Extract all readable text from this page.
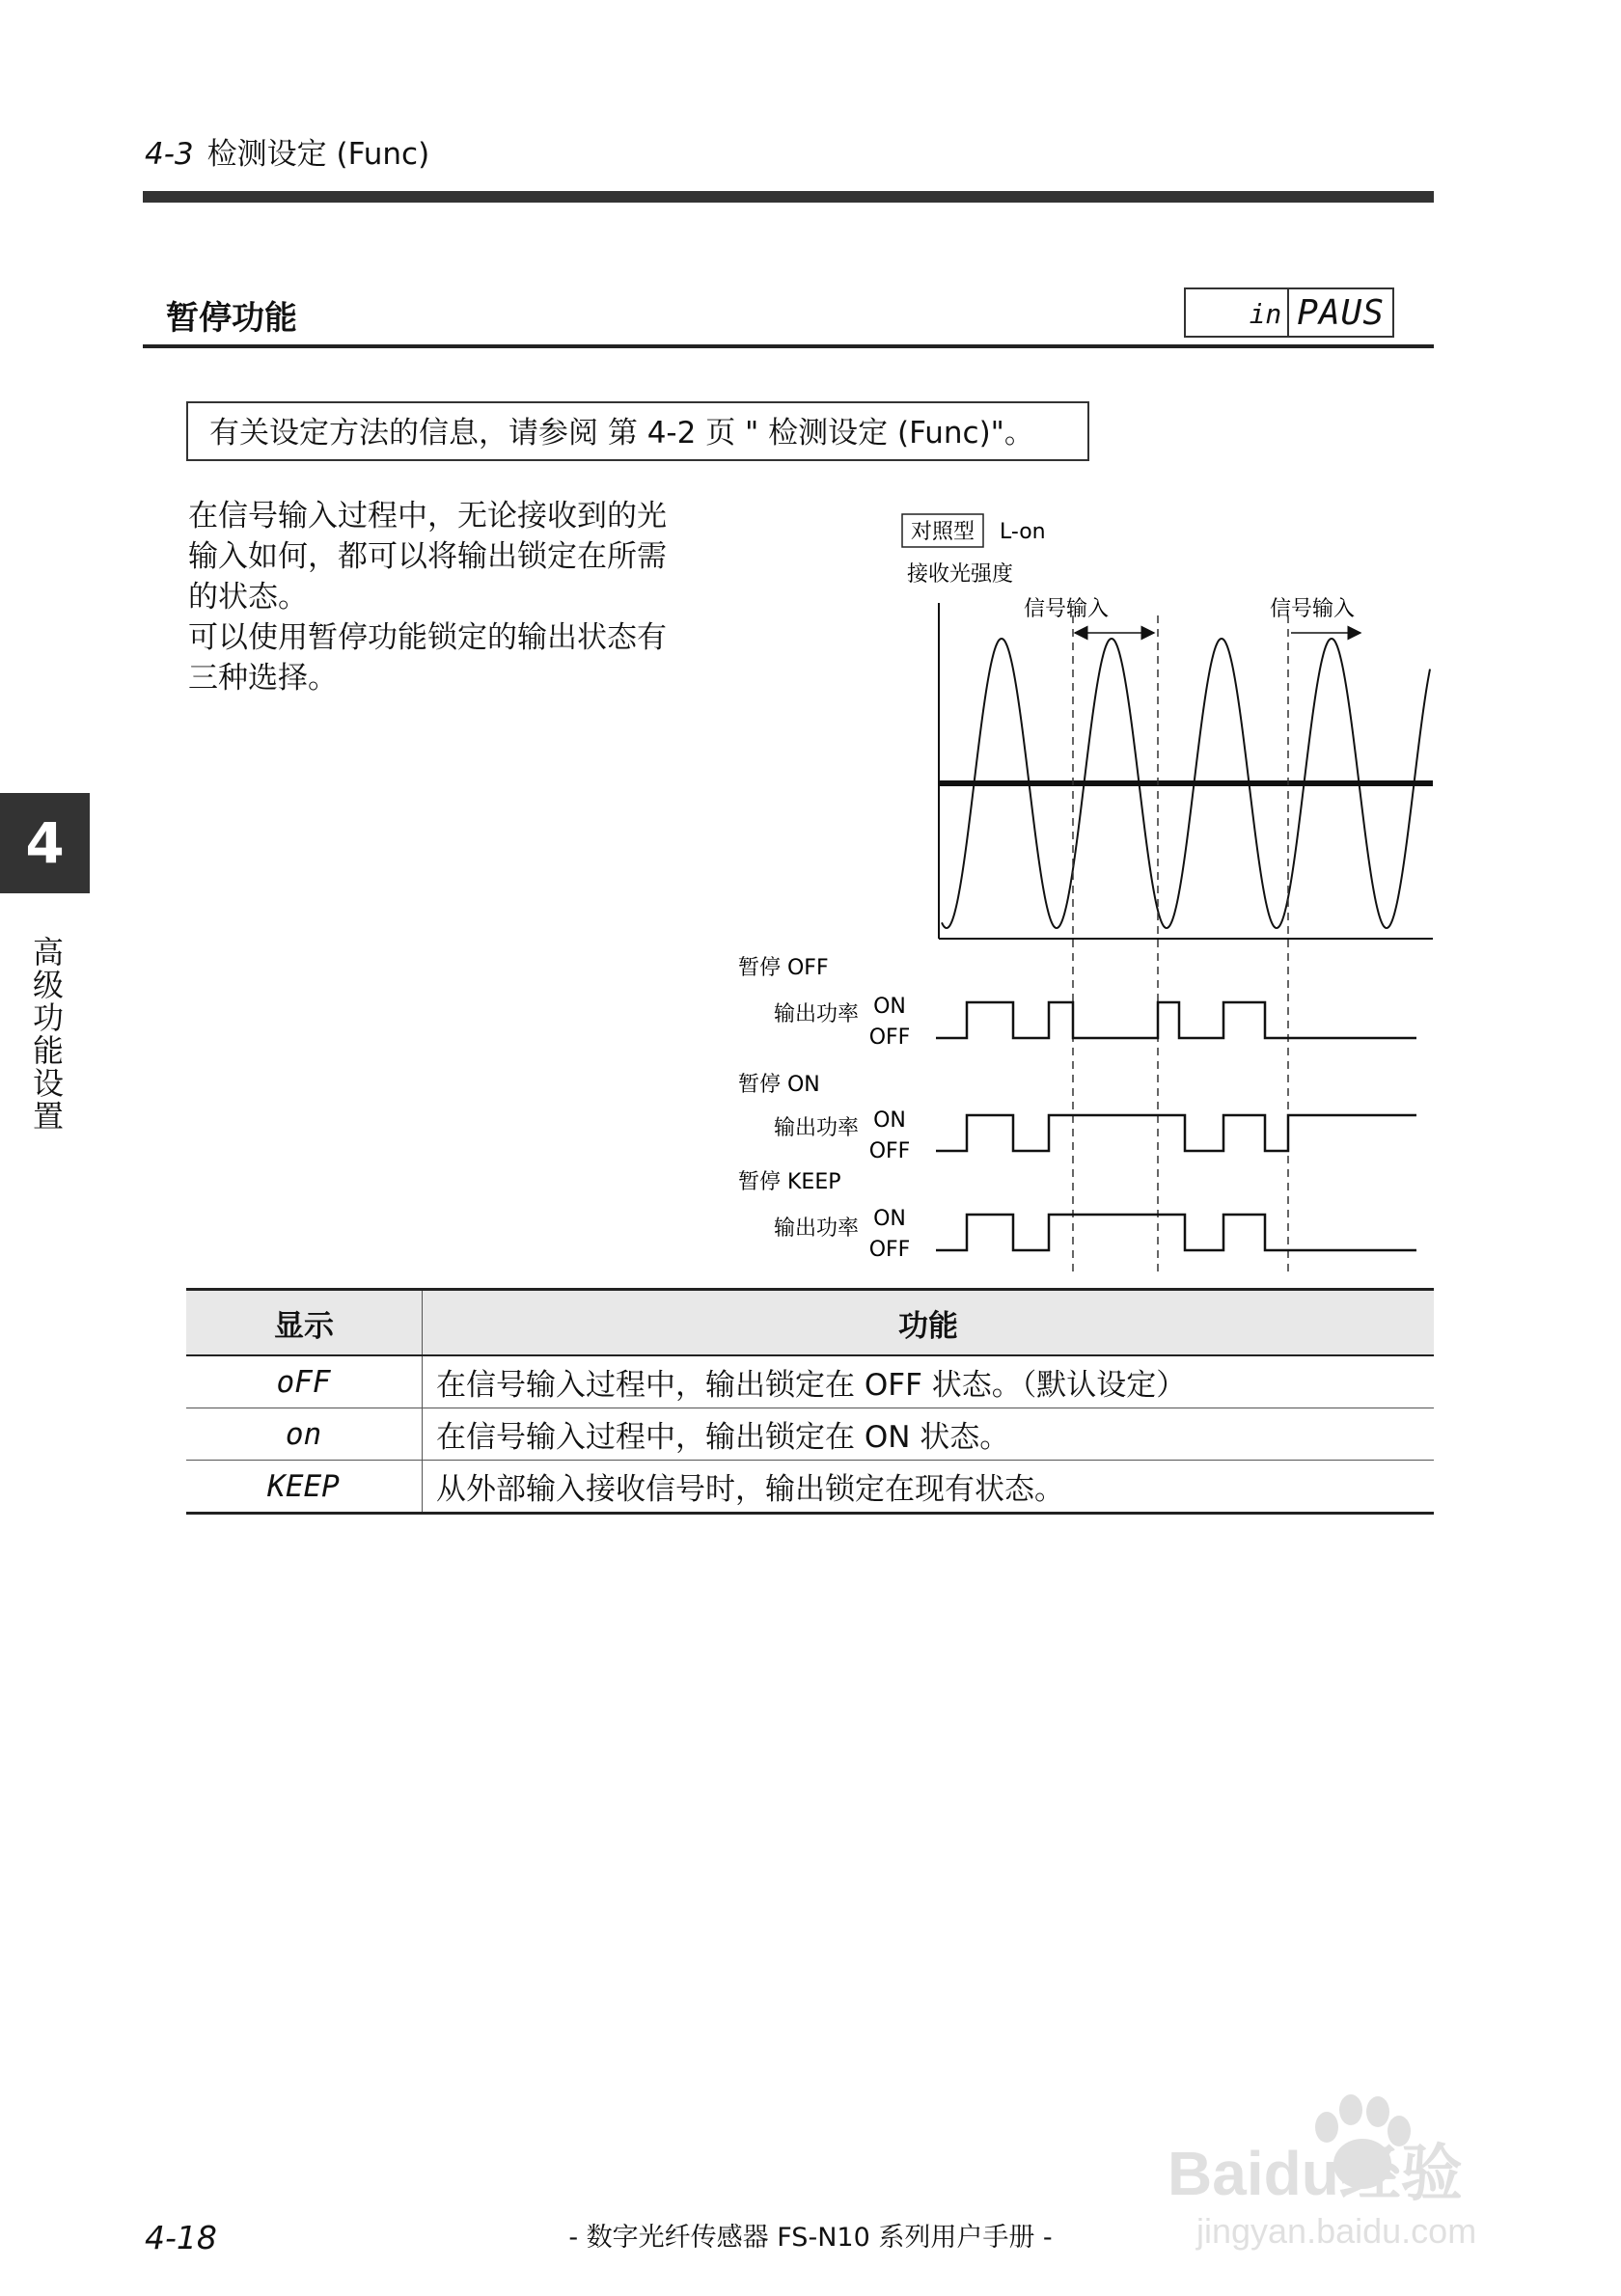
4-3 检测设定 (Func)
暂停功能	in PAUS
有关设定方法的信息，请参阅 第 4-2 页 " 检测设定 (Func)"。

在信号输入过程中，无论接收到的光

输入如何，都可以将输出锁定在所需

的状态。

可以使用暂停功能锁定的输出状态有

三种选择。

4
高级功能设置
对照型 L-on
接收光强度
信号输入	信号输入
暂停 OFF
输出功率 ON
OFF
暂停 ON
输出功率 ON
OFF
暂停 KEEP
输出功率 ON
OFF
显示	功能
oFF	在信号输入过程中，输出锁定在 OFF 状态。（默认设定）
on	在信号输入过程中，输出锁定在 ON 状态。
KEEP	从外部输入接收信号时，输出锁定在现有状态。
4-18	- 数字光纤传感器 FS-N10 系列用户手册 -
Baidu经验
jingyan.baidu.com
